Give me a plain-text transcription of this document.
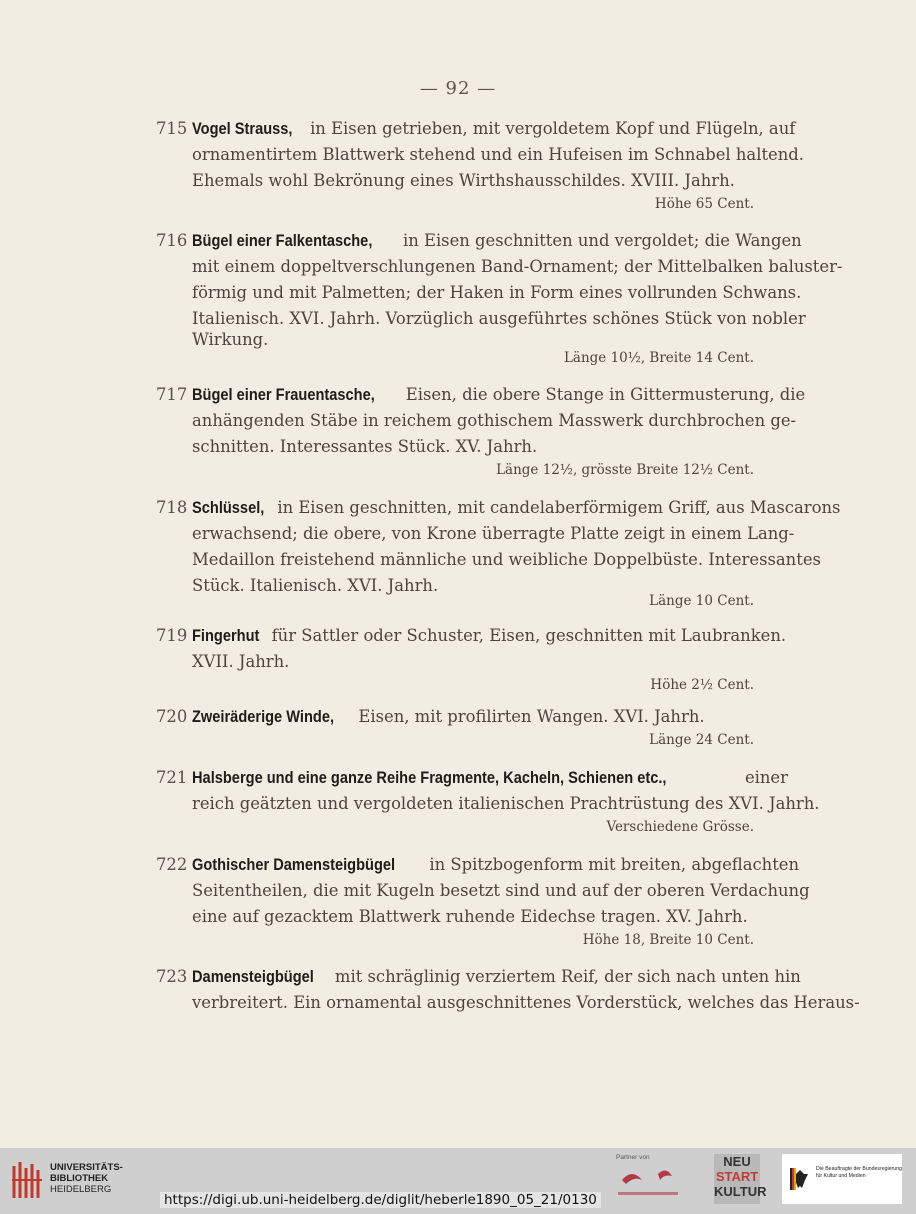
— 92 —
715 Vogel Strauss, in Eisen getrieben, mit vergoldetem Kopf und Flügeln, auf
ornamentirtem Blattwerk stehend und ein Hufeisen im Schnabel haltend.
Ehemals wohl Bekrönung eines Wirthshausschildes. XVIII. Jahrh.
Höhe 65 Cent.
716 Bügel einer Falkentasche, in Eisen geschnitten und vergoldet; die Wangen
mit einem doppeltverschlungenen Band-Ornament; der Mittelbalken baluster-
förmig und mit Palmetten; der Haken in Form eines vollrunden Schwans.
Italienisch. XVI. Jahrh. Vorzüglich ausgeführtes schönes Stück von nobler
Wirkung.
Länge 10½, Breite 14 Cent.
717 Bügel einer Frauentasche, Eisen, die obere Stange in Gittermusterung, die
anhängenden Stäbe in reichem gothischem Masswerk durchbrochen ge-
schnitten. Interessantes Stück. XV. Jahrh.
Länge 12½, grösste Breite 12½ Cent.
718 Schlüssel, in Eisen geschnitten, mit candelaberförmigem Griff, aus Mascarons
erwachsend; die obere, von Krone überragte Platte zeigt in einem Lang-
Medaillon freistehend männliche und weibliche Doppelbüste. Interessantes
Stück. Italienisch. XVI. Jahrh.
Länge 10 Cent.
719 Fingerhut für Sattler oder Schuster, Eisen, geschnitten mit Laubranken.
XVII. Jahrh.
Höhe 2½ Cent.
720 Zweiräderige Winde, Eisen, mit profilirten Wangen. XVI. Jahrh.
Länge 24 Cent.
721 Halsberge und eine ganze Reihe Fragmente, Kacheln, Schienen etc.,	einer
reich geätzten und vergoldeten italienischen Prachtrüstung des XVI. Jahrh.
Verschiedene Grösse.
722 Gothischer Damensteigbügel in Spitzbogenform mit breiten, abgeflachten
Seitentheilen, die mit Kugeln besetzt sind und auf der oberen Verdachung
eine auf gezacktem Blattwerk ruhende Eidechse tragen. XV. Jahrh.
Höhe 18, Breite 10 Cent.
723 Damensteigbügel mit schräglinig verziertem Reif, der sich nach unten hin
verbreitert. Ein ornamental ausgeschnittenes Vorderstück, welches das Heraus-
UNIVERSITÄTS-
BIBLIOTHEK
HEIDELBERG
https://digi.ub.uni-heidelberg.de/diglit/heberle1890_05_21/0130
Partner von	NEU
START
KULTUR
Die Beauftragte der Bundesregierung
für Kultur und Medien
